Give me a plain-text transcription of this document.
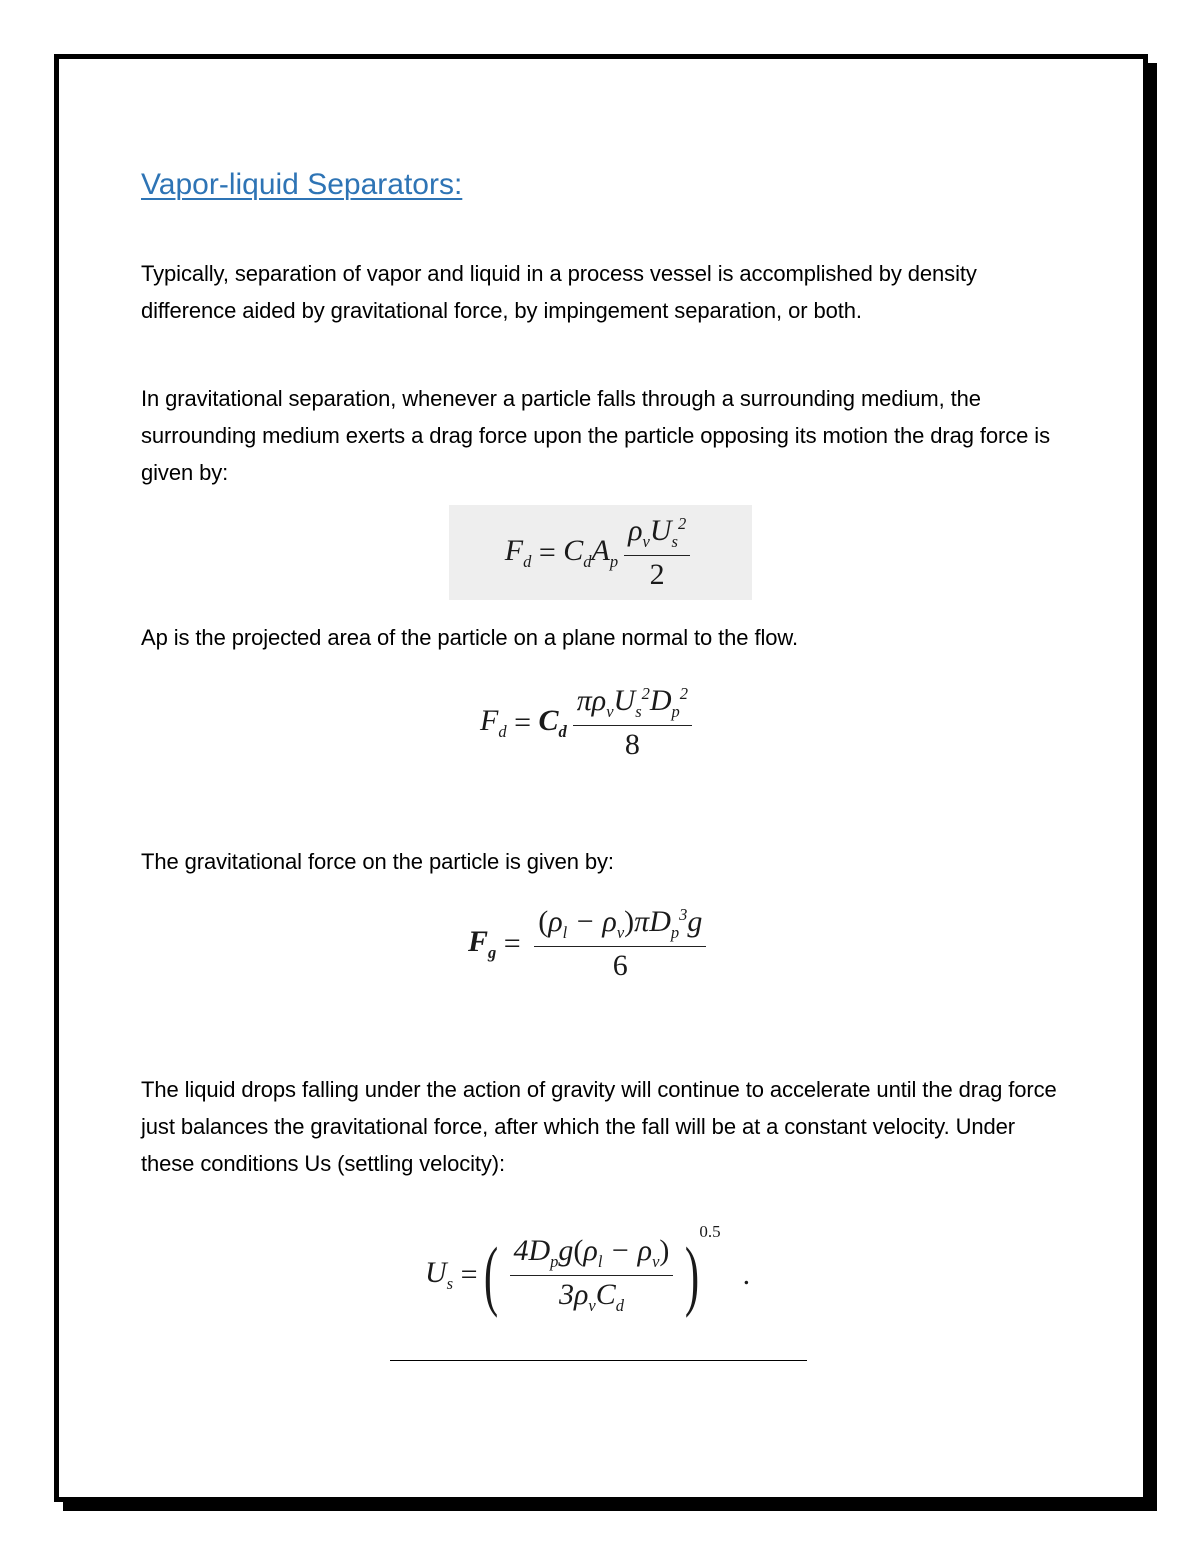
Vapor-liquid Separators:
Typically, separation of vapor and liquid in a process vessel is accomplished by density difference aided by gravitational force, by impingement separation, or both.
In gravitational separation, whenever a particle falls through a surrounding medium, the surrounding medium exerts a drag force upon the particle opposing its motion the drag force is given by:
$F_d = C_dA_p \frac{\rho_vU_s^2}{2}$
Ap is the projected area of the particle on a plane normal to the flow.
$F_d = C_d \frac{\pi\rho_vU_s^2D_p^2}{8}$
The gravitational force on the particle is given by:
$F_g = \frac{(\rho_l - \rho_v)\pi D_p^3g}{6}$
The liquid drops falling under the action of gravity will continue to accelerate until the drag force just balances the gravitational force, after which the fall will be at a constant velocity. Under these conditions Us (settling velocity):
$U_s$ = ( $\frac{4D_pg(\rho_l - \rho_v)}{3\rho_vC_d}$ ) 0.5
.
